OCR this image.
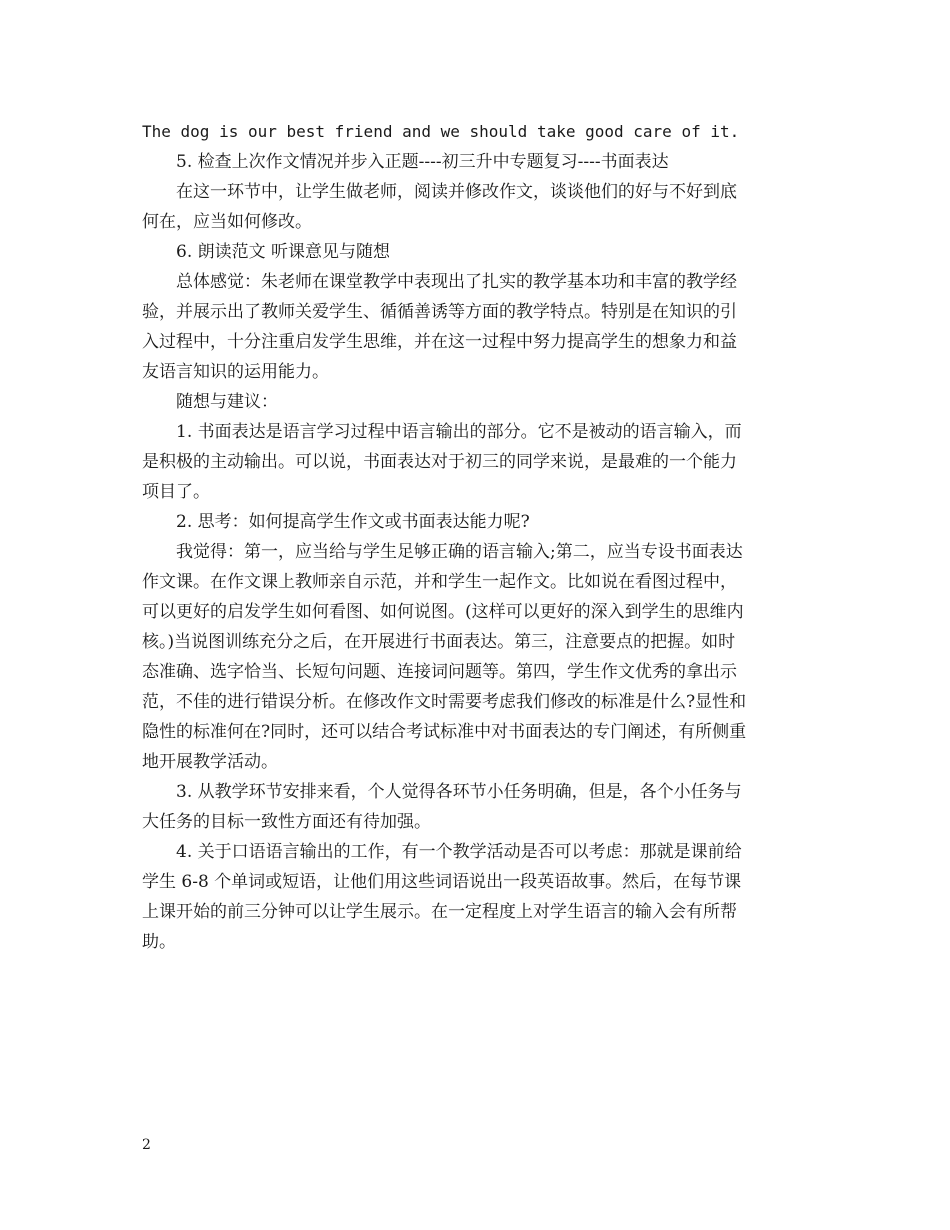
The dog is our best friend and we should take good care of it.
5. 检查上次作文情况并步入正题----初三升中专题复习----书面表达
在这一环节中，让学生做老师，阅读并修改作文，谈谈他们的好与不好到底
何在，应当如何修改。
6. 朗读范文 听课意见与随想
总体感觉：朱老师在课堂教学中表现出了扎实的教学基本功和丰富的教学经
验，并展示出了教师关爱学生、循循善诱等方面的教学特点。特别是在知识的引
入过程中，十分注重启发学生思维，并在这一过程中努力提高学生的想象力和益
友语言知识的运用能力。
随想与建议：
1. 书面表达是语言学习过程中语言输出的部分。它不是被动的语言输入，而
是积极的主动输出。可以说，书面表达对于初三的同学来说，是最难的一个能力
项目了。
2. 思考：如何提高学生作文或书面表达能力呢?
我觉得：第一，应当给与学生足够正确的语言输入;第二，应当专设书面表达
作文课。在作文课上教师亲自示范，并和学生一起作文。比如说在看图过程中，
可以更好的启发学生如何看图、如何说图。(这样可以更好的深入到学生的思维内
核。)当说图训练充分之后，在开展进行书面表达。第三，注意要点的把握。如时
态准确、选字恰当、长短句问题、连接词问题等。第四，学生作文优秀的拿出示
范，不佳的进行错误分析。在修改作文时需要考虑我们修改的标准是什么?显性和
隐性的标准何在?同时，还可以结合考试标准中对书面表达的专门阐述，有所侧重
地开展教学活动。
3. 从教学环节安排来看，个人觉得各环节小任务明确，但是，各个小任务与
大任务的目标一致性方面还有待加强。
4. 关于口语语言输出的工作，有一个教学活动是否可以考虑：那就是课前给
学生 6-8 个单词或短语，让他们用这些词语说出一段英语故事。然后，在每节课
上课开始的前三分钟可以让学生展示。在一定程度上对学生语言的输入会有所帮
助。
2
